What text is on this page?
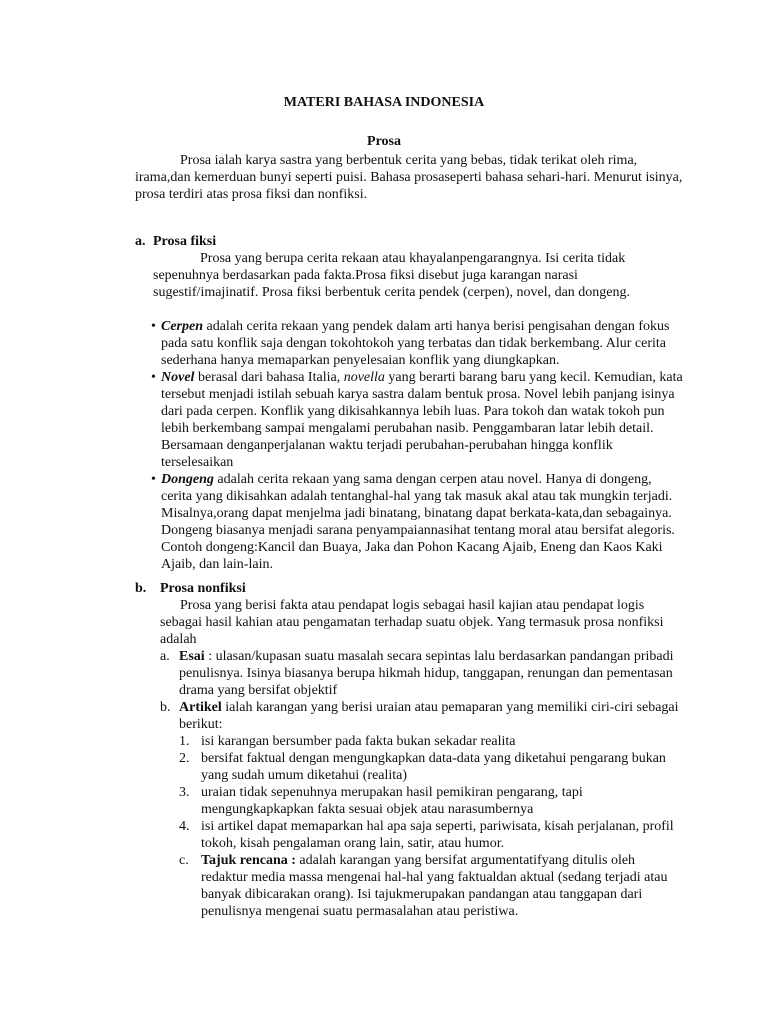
MATERI BAHASA INDONESIA
Prosa
Prosa ialah karya sastra yang berbentuk cerita yang bebas, tidak terikat oleh rima,
irama,dan kemerduan bunyi seperti puisi. Bahasa prosaseperti bahasa sehari-hari. Menurut isinya,
prosa terdiri atas prosa fiksi dan nonfiksi.
a. Prosa fiksi
Prosa yang berupa cerita rekaan atau khayalanpengarangnya. Isi cerita tidak
sepenuhnya berdasarkan pada fakta.Prosa fiksi disebut juga karangan narasi
sugestif/imajinatif. Prosa fiksi berbentuk cerita pendek (cerpen), novel, dan dongeng.
• Cerpen adalah cerita rekaan yang pendek dalam arti hanya berisi pengisahan dengan fokus
pada satu konflik saja dengan tokohtokoh yang terbatas dan tidak berkembang. Alur cerita
sederhana hanya memaparkan penyelesaian konflik yang diungkapkan.
• Novel berasal dari bahasa Italia, novella yang berarti barang baru yang kecil. Kemudian, kata
tersebut menjadi istilah sebuah karya sastra dalam bentuk prosa. Novel lebih panjang isinya
dari pada cerpen. Konflik yang dikisahkannya lebih luas. Para tokoh dan watak tokoh pun
lebih berkembang sampai mengalami perubahan nasib. Penggambaran latar lebih detail.
Bersamaan denganperjalanan waktu terjadi perubahan-perubahan hingga konflik
terselesaikan
• Dongeng adalah cerita rekaan yang sama dengan cerpen atau novel. Hanya di dongeng,
cerita yang dikisahkan adalah tentanghal-hal yang tak masuk akal atau tak mungkin terjadi.
Misalnya,orang dapat menjelma jadi binatang, binatang dapat berkata-kata,dan sebagainya.
Dongeng biasanya menjadi sarana penyampaiannasihat tentang moral atau bersifat alegoris.
Contoh dongeng:Kancil dan Buaya, Jaka dan Pohon Kacang Ajaib, Eneng dan Kaos Kaki
Ajaib, dan lain-lain.
b. Prosa nonfiksi
Prosa yang berisi fakta atau pendapat logis sebagai hasil kajian atau pendapat logis
sebagai hasil kahian atau pengamatan terhadap suatu objek. Yang termasuk prosa nonfiksi
adalah
a. Esai : ulasan/kupasan suatu masalah secara sepintas lalu berdasarkan pandangan pribadi
penulisnya. Isinya biasanya berupa hikmah hidup, tanggapan, renungan dan pementasan
drama yang bersifat objektif
b. Artikel ialah karangan yang berisi uraian atau pemaparan yang memiliki ciri-ciri sebagai
berikut:
1. isi karangan bersumber pada fakta bukan sekadar realita
2. bersifat faktual dengan mengungkapkan data-data yang diketahui pengarang bukan
yang sudah umum diketahui (realita)
3. uraian tidak sepenuhnya merupakan hasil pemikiran pengarang, tapi
mengungkapkapkan fakta sesuai objek atau narasumbernya
4. isi artikel dapat memaparkan hal apa saja seperti, pariwisata, kisah perjalanan, profil
tokoh, kisah pengalaman orang lain, satir, atau humor.
c. Tajuk rencana : adalah karangan yang bersifat argumentatifyang ditulis oleh
redaktur media massa mengenai hal-hal yang faktualdan aktual (sedang terjadi atau
banyak dibicarakan orang). Isi tajukmerupakan pandangan atau tanggapan dari
penulisnya mengenai suatu permasalahan atau peristiwa.
